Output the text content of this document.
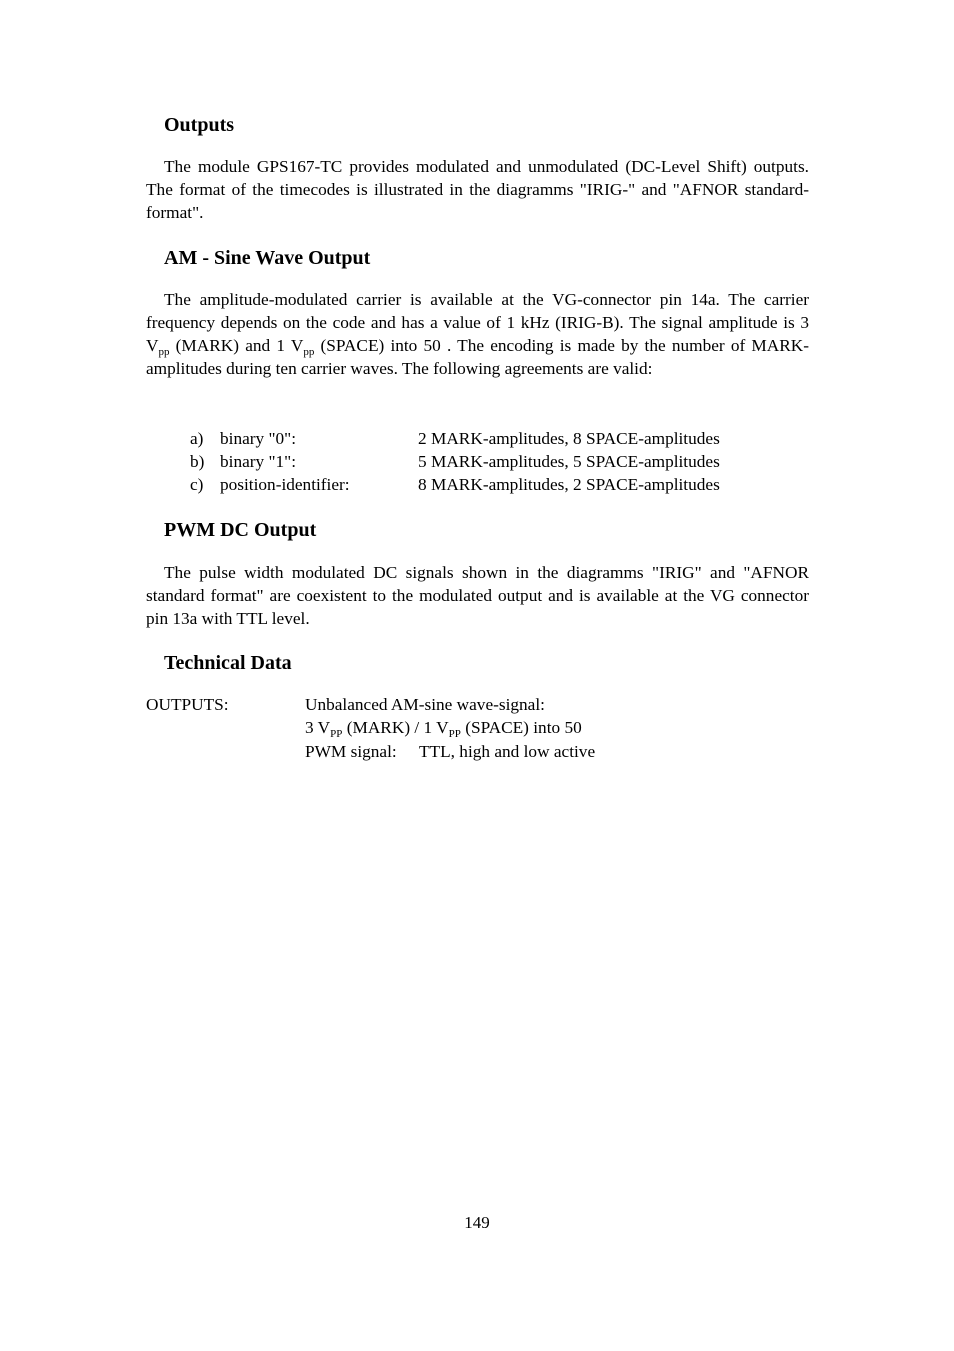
Outputs

The module GPS167-TC provides modulated and unmodulated (DC-Level Shift) outputs. The format of the timecodes is illustrated in the diagramms "IRIG-" and "AFNOR standard-format".

AM - Sine Wave Output

The amplitude-modulated carrier is available at the VG-connector pin 14a. The carrier frequency depends on the code and has a value of 1 kHz (IRIG-B). The signal amplitude is 3 $V_{pp}$ (MARK) and 1 $V_{pp}$ (SPACE) into 50 . The encoding is made by the number of MARK-amplitudes during ten carrier waves. The following agreements are valid:

a) binary "0":	2 MARK-amplitudes, 8 SPACE-amplitudes
b) binary "1":	5 MARK-amplitudes, 5 SPACE-amplitudes
c) position-identifier:	8 MARK-amplitudes, 2 SPACE-amplitudes
PWM DC Output

The pulse width modulated DC signals shown in the diagramms "IRIG" and "AFNOR standard format" are coexistent to the modulated output and is available at the VG connector pin 13a with TTL level.

Technical Data
OUTPUTS:	Unbalanced AM-sine wave-signal:
3 $V_{PP}$ (MARK) / 1 $V_{PP}$ (SPACE) into 50
PWM signal: TTL, high and low active
149
